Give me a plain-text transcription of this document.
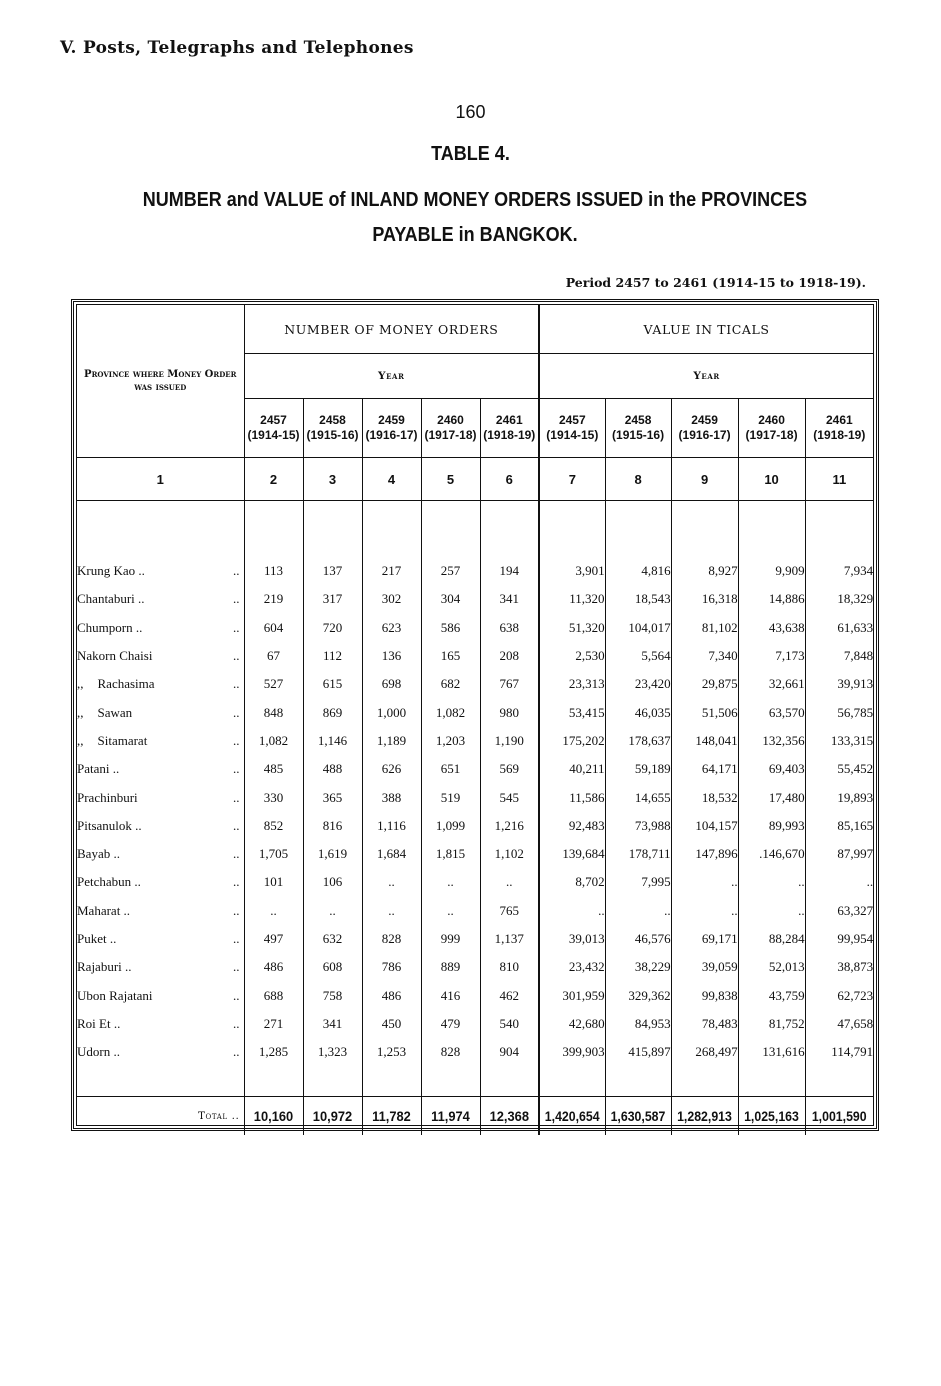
V. Posts, Telegraphs and Telephones
160
TABLE 4.
NUMBER and VALUE of INLAND MONEY ORDERS ISSUED in the PROVINCES
PAYABLE in BANGKOK.
Period 2457 to 2461 (1914-15 to 1918-19).
Province where Money Order was issued	NUMBER OF MONEY ORDERS					VALUE IN TICALS				
	Year					Year				

	2457
(1914-15)	2458
(1915-16)	2459
(1916-17)	2460
(1917-18)	2461
(1918-19)	2457
(1914-15)	2458
(1915-16)	2459
(1916-17)	2460
(1917-18)	2461
(1918-19)

1	2	3	4	5	6	7	8	9	10	11

..
Krung Kao ..	113	137	217	257	194	3,901	4,816	8,927	9,909	7,934

..
Chantaburi ..	219	317	302	304	341	11,320	18,543	16,318	14,886	18,329

..
Chumporn ..	604	720	623	586	638	51,320	104,017	81,102	43,638	61,633

..
Nakorn Chaisi	67	112	136	165	208	2,530	5,564	7,340	7,173	7,848

..
,, Rachasima	527	615	698	682	767	23,313	23,420	29,875	32,661	39,913

..
,, Sawan	848	869	1,000	1,082	980	53,415	46,035	51,506	63,570	56,785

..
,, Sitamarat	1,082	1,146	1,189	1,203	1,190	175,202	178,637	148,041	132,356	133,315

..
Patani ..	485	488	626	651	569	40,211	59,189	64,171	69,403	55,452

..
Prachinburi	330	365	388	519	545	11,586	14,655	18,532	17,480	19,893

..
Pitsanulok ..	852	816	1,116	1,099	1,216	92,483	73,988	104,157	89,993	85,165

..
Bayab ..	1,705	1,619	1,684	1,815	1,102	139,684	178,711	147,896	.146,670	87,997

..
Petchabun ..	101	106	..	..	..	8,702	7,995	..	..	..

..
Maharat ..	..	..	..	..	765	..	..	..	..	63,327

..
Puket ..	497	632	828	999	1,137	39,013	46,576	69,171	88,284	99,954

..
Rajaburi ..	486	608	786	889	810	23,432	38,229	39,059	52,013	38,873

..
Ubon Rajatani	688	758	486	416	462	301,959	329,362	99,838	43,759	62,723

..
Roi Et ..	271	341	450	479	540	42,680	84,953	78,483	81,752	47,658

..
Udorn ..	1,285	1,323	1,253	828	904	399,903	415,897	268,497	131,616	114,791

Total ..	10,160	10,972	11,782	11,974	12,368	1,420,654	1,630,587	1,282,913	1,025,163	1,001,590
